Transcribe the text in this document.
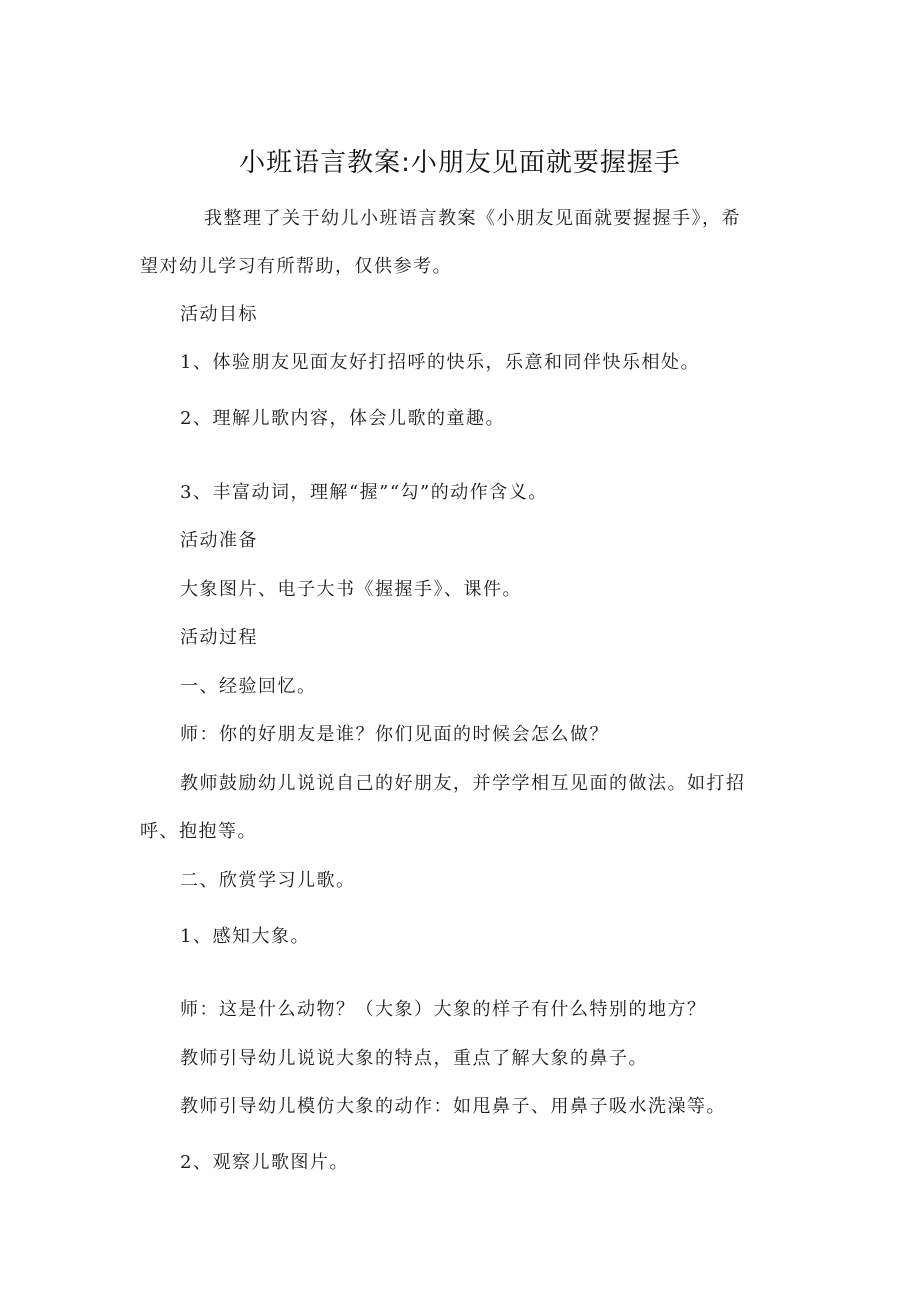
小班语言教案:小朋友见面就要握握手
我整理了关于幼儿小班语言教案《小朋友见面就要握握手》，希
望对幼儿学习有所帮助，仅供参考。
活动目标
1、体验朋友见面友好打招呼的快乐，乐意和同伴快乐相处。
2、理解儿歌内容，体会儿歌的童趣。
3、丰富动词，理解“握”“勾”的动作含义。
活动准备
大象图片、电子大书《握握手》、课件。
活动过程
一、经验回忆。
师：你的好朋友是谁？你们见面的时候会怎么做？
教师鼓励幼儿说说自己的好朋友，并学学相互见面的做法。如打招
呼、抱抱等。
二、欣赏学习儿歌。
1、感知大象。
师：这是什么动物？（大象）大象的样子有什么特别的地方？
教师引导幼儿说说大象的特点，重点了解大象的鼻子。
教师引导幼儿模仿大象的动作：如甩鼻子、用鼻子吸水洗澡等。
2、观察儿歌图片。
